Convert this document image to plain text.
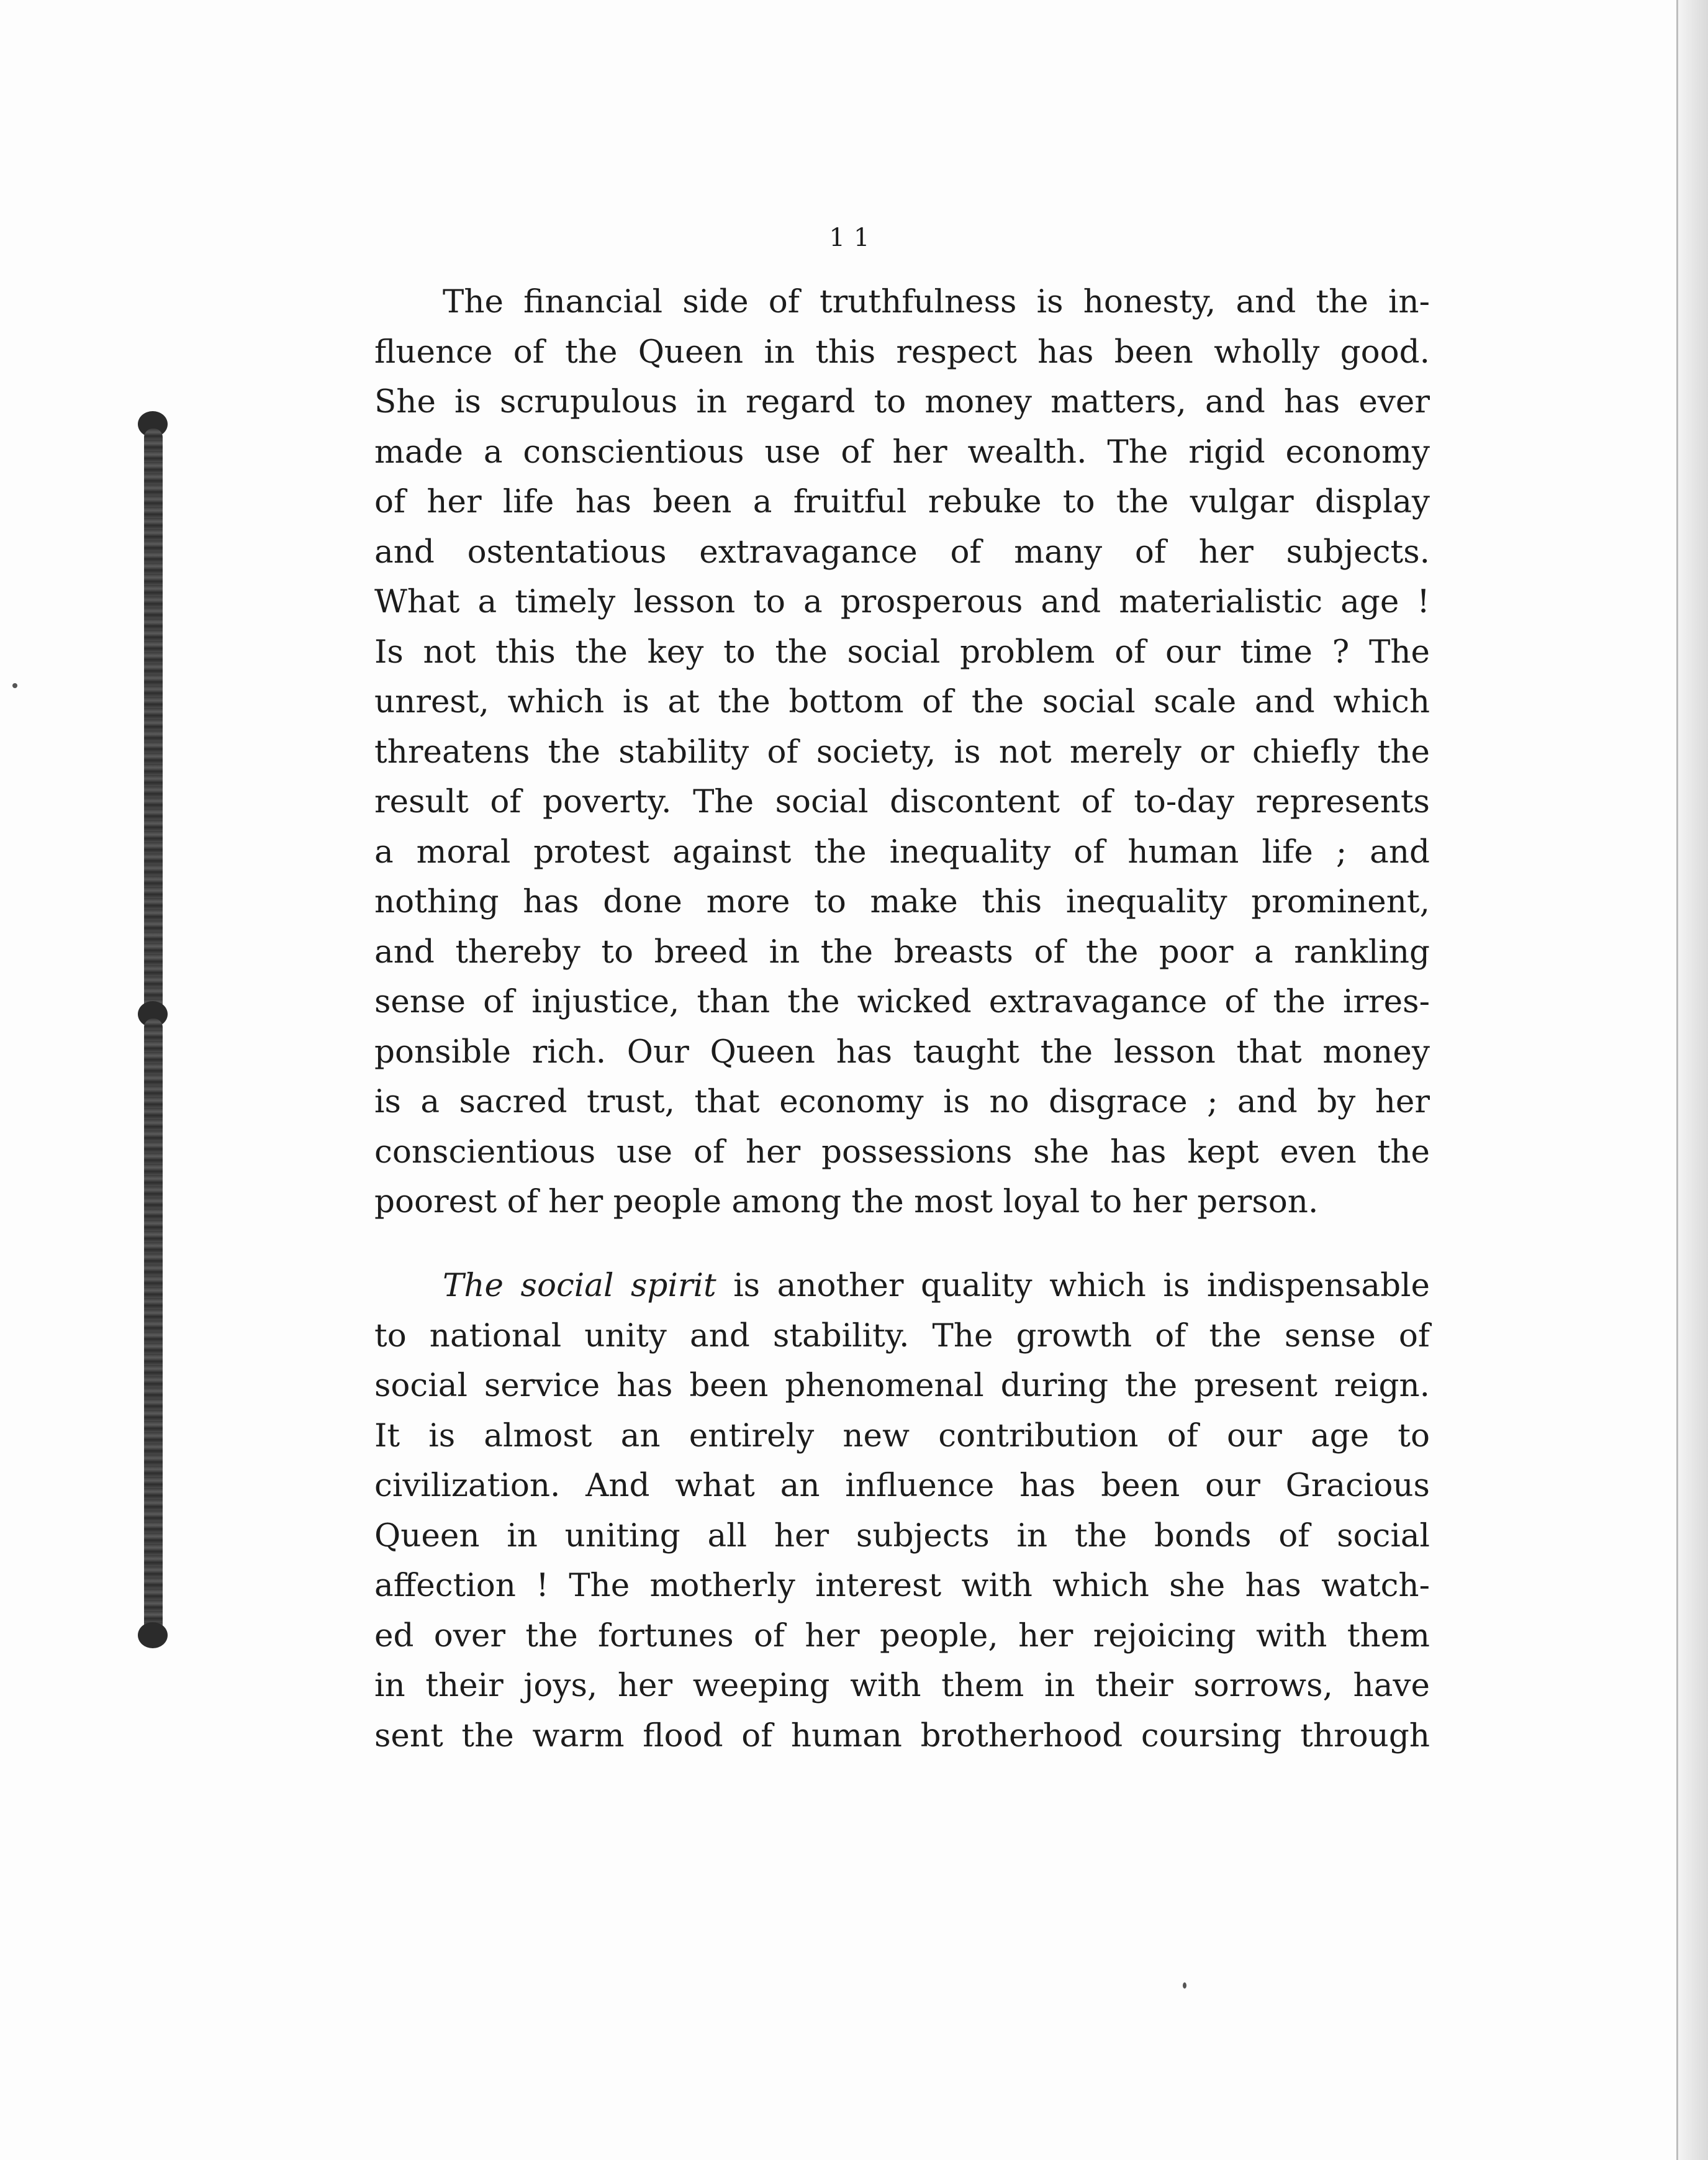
11
The financial side of truthfulness is honesty, and the in-
fluence of the Queen in this respect has been wholly good.
She is scrupulous in regard to money matters, and has ever
made a conscientious use of her wealth. The rigid economy
of her life has been a fruitful rebuke to the vulgar display
and ostentatious extravagance of many of her subjects.
What a timely lesson to a prosperous and materialistic age !
Is not this the key to the social problem of our time ? The
unrest, which is at the bottom of the social scale and which
threatens the stability of society, is not merely or chiefly the
result of poverty. The social discontent of to-day represents
a moral protest against the inequality of human life ; and
nothing has done more to make this inequality prominent,
and thereby to breed in the breasts of the poor a rankling
sense of injustice, than the wicked extravagance of the irres-
ponsible rich. Our Queen has taught the lesson that money
is a sacred trust, that economy is no disgrace ; and by her
conscientious use of her possessions she has kept even the
poorest of her people among the most loyal to her person.
The social spirit is another quality which is indispensable
to national unity and stability. The growth of the sense of
social service has been phenomenal during the present reign.
It is almost an entirely new contribution of our age to
civilization. And what an influence has been our Gracious
Queen in uniting all her subjects in the bonds of social
affection ! The motherly interest with which she has watch-
ed over the fortunes of her people, her rejoicing with them
in their joys, her weeping with them in their sorrows, have
sent the warm flood of human brotherhood coursing through
